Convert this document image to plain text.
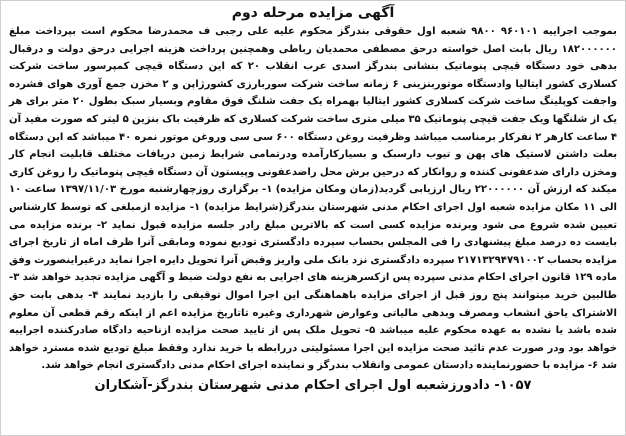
آگهی مزایده مرحله دوم

بموجب اجراییه ۹۶۰۱۰۱ ۹۸۰۰ شعبه اول حقوقی بندرگز محکوم علیه علی رجبی ف محمدرضا محکوم است بپرداخت مبلغ ۱۸۲۰۰۰۰۰۰ ریال بابت اصل خواسته درحق مصطفی محمدیان رباطی وهمچنین پرداخت هزینه اجرایی درحق دولت و درقبال بدهی خود دستگاه قیچی پنوماتیک بنشانی بندرگز اسدی عرب انقلاب ۲۰ که این دستگاه قیچی کمپرسور ساخت شرکت کسلاری کشور ایتالیا وادستگاه موتوربنزینی ۶ زمانه ساخت شرکت سوربارزی کشورژاپن و ۲ مخزن جمع آوری هوای فشرده واجفت کوپلینگ ساخت شرکت کسلاری کشور ایتالیا بهمراه یک جفت شلنگ فوق مقاوم وبسیار سبک بطول ۲۰ متر برای هر یک از شلنگها ویک جفت قیچی پنوماتیک ۳۵ میلی متری ساخت شرکت کسلاری که ظرفیت باک بنزین ۵ لیتر که صورت مفید آن ۴ ساعت کارهر ۲ نفرکار برمناسب میباشد وظرفیت روغن دستگاه ۶۰۰ سی سی وروغن موتور نمره ۴۰ میباشد که این دستگاه بعلت داشتن لاستیک های پهن و تیوب دارسبک و بسیارکارآمده ودرتمامی شرایط زمین دریافات مختلف قابلیت انجام کار ومخزن دارای ضدعفونی کننده و روانکار که درحین برش محل راضدعفونی وپیستون آن دستگاه قیچی پنوماتیک را روغن کاری میکند که ارزش آن ۲۲۰۰۰۰۰۰ ریال ارزیابی گردید(زمان ومکان مزایده) ۱- برگزاری روزچهارشنبه مورخ ۱۳۹۷/۱۱/۰۳ ساعت ۱۰ الی ۱۱ مکان مزایده شعبه اول اجرای احکام مدنی شهرستان بندرگز(شرایط مزایده) ۱- مزایده ازمبلغی که توسط کارشناس تعیین شده شروع می شود وبرنده مزایده کسی است که بالاترین مبلغ رادر جلسه مزایده قبول نماید ۲- برنده مزایده می بایست ده درصد مبلغ پیشنهادی را فی المجلس بحساب سپرده دادگستری تودیع نموده ومابقی آنرا ظرف اماه از تاریخ اجرای مزایده بحساب ۲۱۷۱۳۲۹۴۷۹۱۰۰۲ سپرده دادگستری نزد بانک ملی واریز وقبض آنرا تحویل دایره اجرا نماید درغیراینصورت وفق ماده ۱۲۹ قانون اجرای احکام مدنی سپرده پس ازکسرهزینه های اجرایی به نفع دولت ضبط و آگهی مزایده تجدید خواهد شد ۳- طالبین خرید میتوانند پنج روز قبل از اجرای مزایده باهماهنگی این اجرا اموال توقیفی را بازدید نمایند ۴- بدهی بابت حق الاشتراک یاحق انشعاب ومصرف وبدهی مالیاتی وعوارض شهرداری وغیره تاتاریخ مزایده اعم از اینکه رقم قطعی آن معلوم شده باشد یا نشده به عهده محکوم علیه میباشد ۵- تحویل ملک پس از تایید صحت مزایده ازناحیه دادگاه صادرکننده اجراییه خواهد بود ودر صورت عدم تائید صحت مزایده این اجرا مسئولیتی دررابطه با خرید ندارد وفقط مبلغ تودیع شده مسترد خواهد شد ۶- مزایده با حضورنماینده دادستان عمومی وانقلاب بندرگز و نماینده اجرای احکام مدنی دادگستری انجام خواهد شد.

۱۰۵۷- دادورزشعبه اول اجرای احکام مدنی شهرستان بندرگز-آشکاران
